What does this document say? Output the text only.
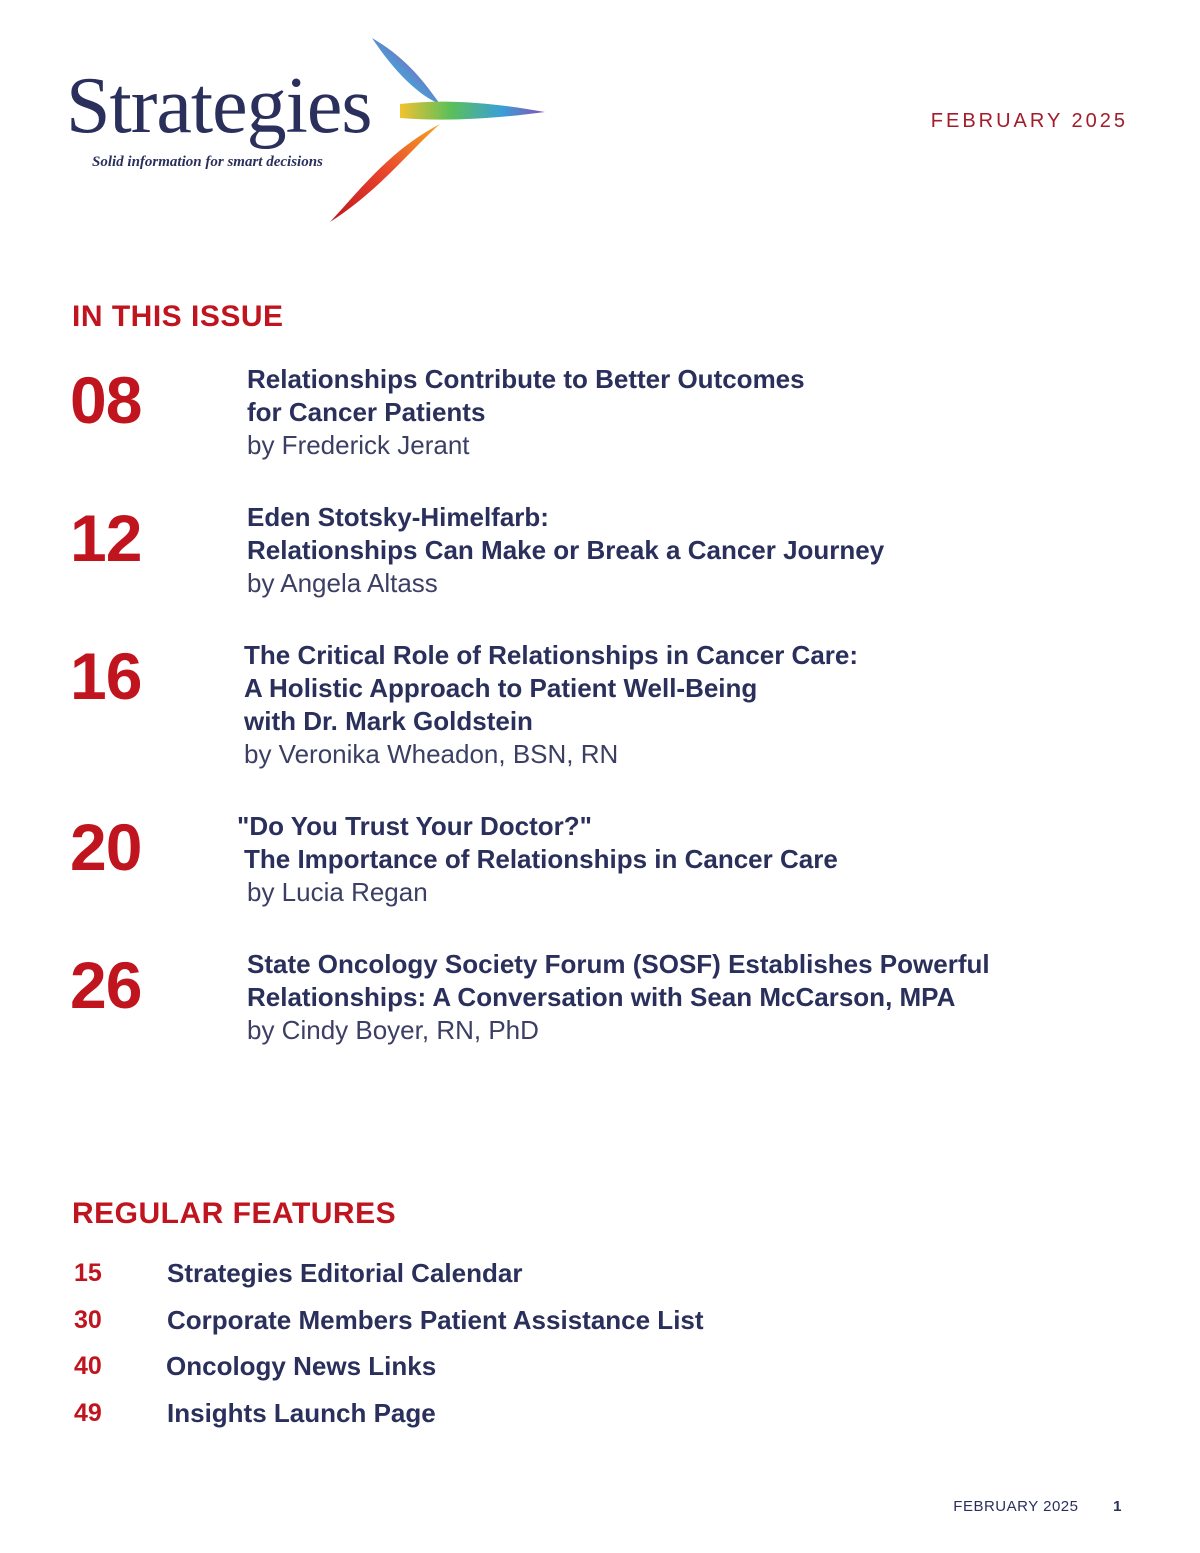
Strategies
Solid information for smart decisions
FEBRUARY 2025
IN THIS ISSUE
08	Relationships Contribute to Better Outcomes
for Cancer Patients
by Frederick Jerant
12	Eden Stotsky-Himelfarb:
Relationships Can Make or Break a Cancer Journey
by Angela Altass
16	The Critical Role of Relationships in Cancer Care:
A Holistic Approach to Patient Well-Being
with Dr. Mark Goldstein
by Veronika Wheadon, BSN, RN
20	"Do You Trust Your Doctor?"
The Importance of Relationships in Cancer Care
by Lucia Regan
26	State Oncology Society Forum (SOSF) Establishes Powerful
Relationships: A Conversation with Sean McCarson, MPA
by Cindy Boyer, RN, PhD
REGULAR FEATURES
15	Strategies Editorial Calendar
30	Corporate Members Patient Assistance List
40 Oncology News Links
49	Insights Launch Page
FEBRUARY 2025 1
